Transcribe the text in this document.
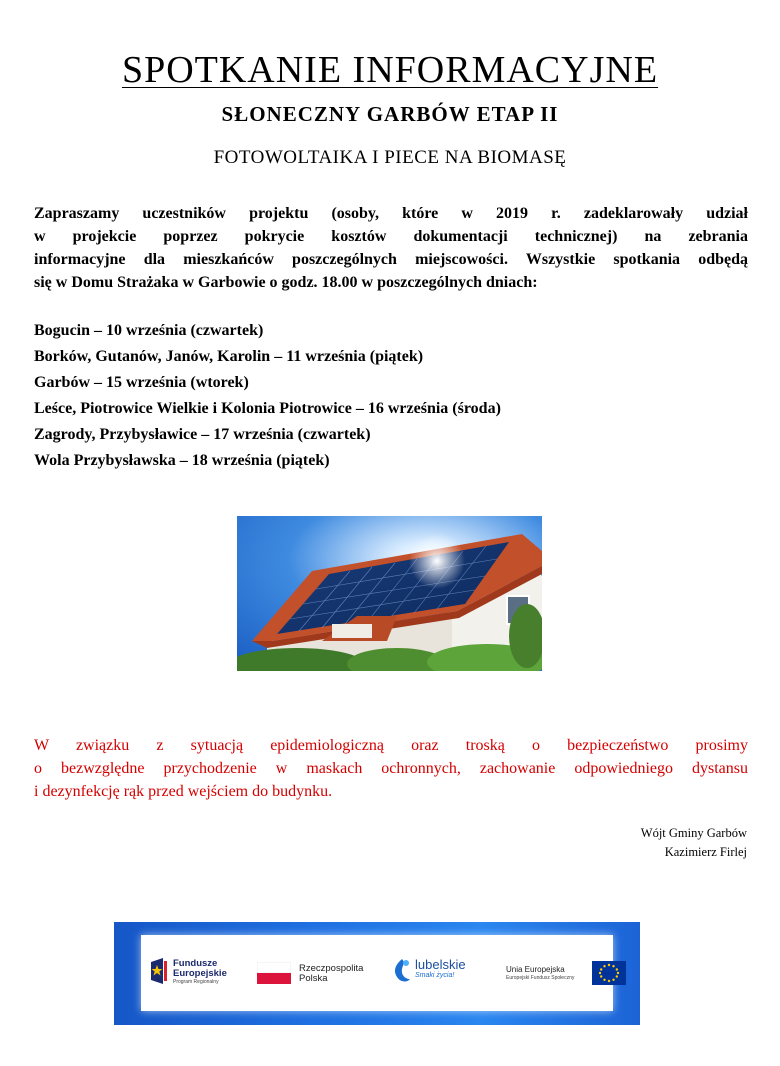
SPOTKANIE INFORMACYJNE
SŁONECZNY GARBÓW ETAP II
FOTOWOLTAIKA I PIECE NA BIOMASĘ
Zapraszamy uczestników projektu (osoby, które w 2019 r. zadeklarowały udział
w projekcie poprzez pokrycie kosztów dokumentacji technicznej) na zebrania
informacyjne dla mieszkańców poszczególnych miejscowości. Wszystkie spotkania odbędą
się w Domu Strażaka w Garbowie o godz. 18.00 w poszczególnych dniach:
Bogucin – 10 września (czwartek)
Borków, Gutanów, Janów, Karolin – 11 września (piątek)
Garbów – 15 września (wtorek)
Leśce, Piotrowice Wielkie i Kolonia Piotrowice – 16 września (środa)
Zagrody, Przybysławice – 17 września (czwartek)
Wola Przybysławska – 18 września (piątek)
W związku z sytuacją epidemiologiczną oraz troską o bezpieczeństwo prosimy
o bezwzględne przychodzenie w maskach ochronnych, zachowanie odpowiedniego dystansu
i dezynfekcję rąk przed wejściem do budynku.
Wójt Gminy Garbów
Kazimierz Firlej
Fundusze
Europejskie
Program Regionalny
Rzeczpospolita
Polska
lubelskie
Smaki życia!
Unia Europejska
Europejski Fundusz Społeczny
